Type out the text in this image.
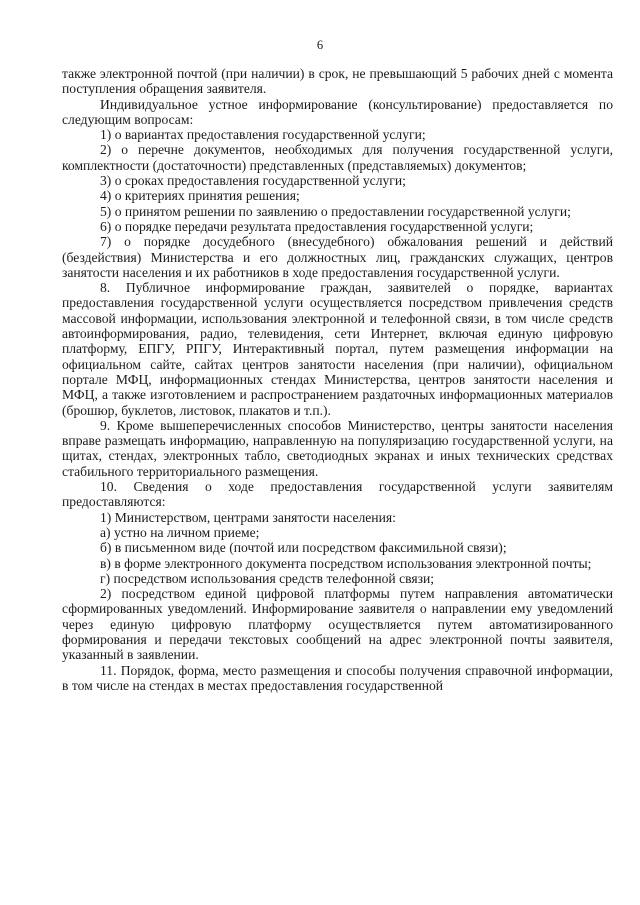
6

также электронной почтой (при наличии) в срок, не превышающий 5 рабочих дней с момента поступления обращения заявителя.

Индивидуальное устное информирование (консультирование) предоставляется по следующим вопросам:

1) о вариантах предоставления государственной услуги;

2) о перечне документов, необходимых для получения государственной услуги, комплектности (достаточности) представленных (представляемых) документов;

3) о сроках предоставления государственной услуги;

4) о критериях принятия решения;

5) о принятом решении по заявлению о предоставлении государственной услуги;

6) о порядке передачи результата предоставления государственной услуги;

7) о порядке досудебного (внесудебного) обжалования решений и действий (бездействия) Министерства и его должностных лиц, гражданских служащих, центров занятости населения и их работников в ходе предоставления государственной услуги.

8. Публичное информирование граждан, заявителей о порядке, вариантах предоставления государственной услуги осуществляется посредством привлечения средств массовой информации, использования электронной и телефонной связи, в том числе средств автоинформирования, радио, телевидения, сети Интернет, включая единую цифровую платформу, ЕПГУ, РПГУ, Интерактивный портал, путем размещения информации на официальном сайте, сайтах центров занятости населения (при наличии), официальном портале МФЦ, информационных стендах Министерства, центров занятости населения и МФЦ, а также изготовлением и распространением раздаточных информационных материалов (брошюр, буклетов, листовок, плакатов и т.п.).

9. Кроме вышеперечисленных способов Министерство, центры занятости населения вправе размещать информацию, направленную на популяризацию государственной услуги, на щитах, стендах, электронных табло, светодиодных экранах и иных технических средствах стабильного территориального размещения.

10. Сведения о ходе предоставления государственной услуги заявителям предоставляются:

1) Министерством, центрами занятости населения:

а) устно на личном приеме;

б) в письменном виде (почтой или посредством факсимильной связи);

в) в форме электронного документа посредством использования электронной почты;

г) посредством использования средств телефонной связи;

2) посредством единой цифровой платформы путем направления автоматически сформированных уведомлений. Информирование заявителя о направлении ему уведомлений через единую цифровую платформу осуществляется путем автоматизированного формирования и передачи текстовых сообщений на адрес электронной почты заявителя, указанный в заявлении.

11. Порядок, форма, место размещения и способы получения справочной информации, в том числе на стендах в местах предоставления государственной
